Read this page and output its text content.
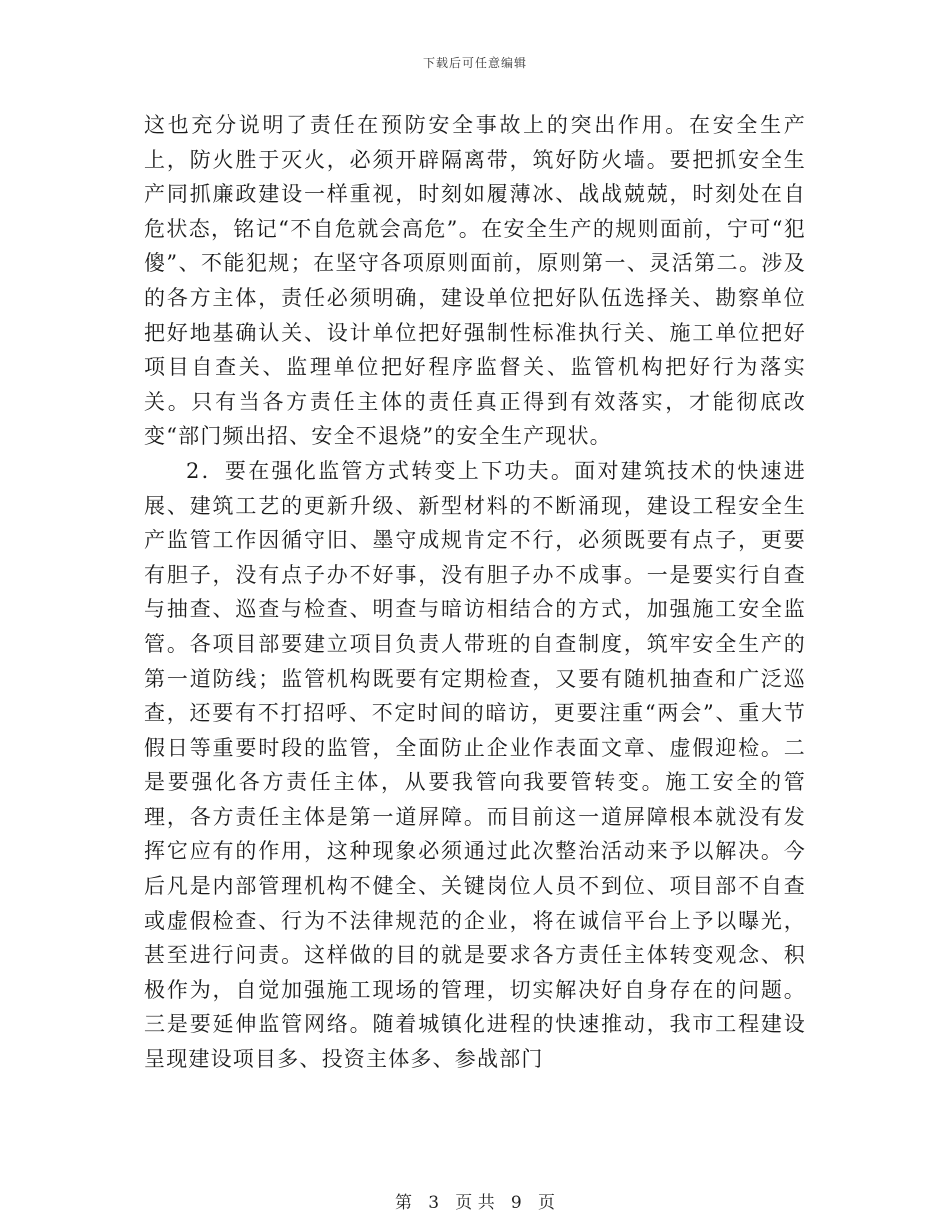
下载后可任意编辑

这也充分说明了责任在预防安全事故上的突出作用。在安全生产上，防火胜于灭火，必须开辟隔离带，筑好防火墙。要把抓安全生产同抓廉政建设一样重视，时刻如履薄冰、战战兢兢，时刻处在自危状态，铭记“不自危就会高危”。在安全生产的规则面前，宁可“犯傻”、不能犯规；在坚守各项原则面前，原则第一、灵活第二。涉及的各方主体，责任必须明确，建设单位把好队伍选择关、勘察单位把好地基确认关、设计单位把好强制性标准执行关、施工单位把好项目自查关、监理单位把好程序监督关、监管机构把好行为落实关。只有当各方责任主体的责任真正得到有效落实，才能彻底改变“部门频出招、安全不退烧”的安全生产现状。

2．要在强化监管方式转变上下功夫。面对建筑技术的快速进展、建筑工艺的更新升级、新型材料的不断涌现，建设工程安全生产监管工作因循守旧、墨守成规肯定不行，必须既要有点子，更要有胆子，没有点子办不好事，没有胆子办不成事。一是要实行自查与抽查、巡查与检查、明查与暗访相结合的方式，加强施工安全监管。各项目部要建立项目负责人带班的自查制度，筑牢安全生产的第一道防线；监管机构既要有定期检查，又要有随机抽查和广泛巡查，还要有不打招呼、不定时间的暗访，更要注重“两会”、重大节假日等重要时段的监管，全面防止企业作表面文章、虚假迎检。二是要强化各方责任主体，从要我管向我要管转变。施工安全的管理，各方责任主体是第一道屏障。而目前这一道屏障根本就没有发挥它应有的作用，这种现象必须通过此次整治活动来予以解决。今后凡是内部管理机构不健全、关键岗位人员不到位、项目部不自查或虚假检查、行为不法律规范的企业，将在诚信平台上予以曝光，甚至进行问责。这样做的目的就是要求各方责任主体转变观念、积极作为，自觉加强施工现场的管理，切实解决好自身存在的问题。三是要延伸监管网络。随着城镇化进程的快速推动，我市工程建设呈现建设项目多、投资主体多、参战部门

第 3 页 共 9 页
